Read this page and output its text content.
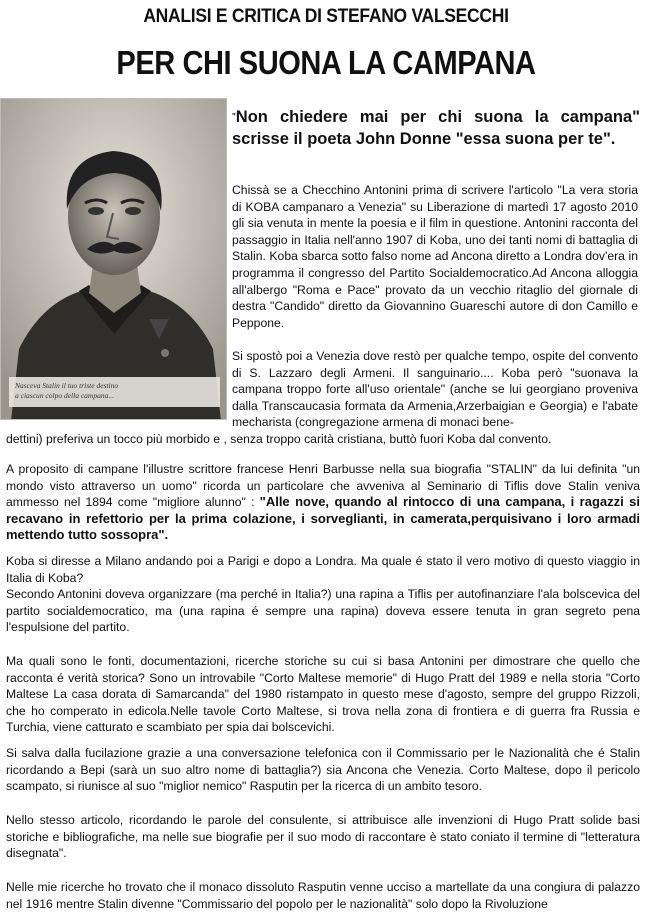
ANALISI E CRITICA DI STEFANO VALSECCHI
PER CHI SUONA LA CAMPANA
Nasceva Stalin il tuo triste destino
a ciascun colpo della campana...
"Non chiedere mai per chi suona la campana" scrisse il poeta John Donne "essa suona per te".
Chissà se a Checchino Antonini prima di scrivere l'articolo "La vera storia di KOBA campanaro a Venezia" su Liberazione di martedì 17 agosto 2010 gli sia venuta in mente la poesia e il film in questione. Antonini racconta del passaggio in Italia nell'anno 1907 di Koba, uno dei tanti nomi di battaglia di Stalin. Koba sbarca sotto falso nome ad Ancona diretto a Londra dov'era in programma il congresso del Partito Socialdemocratico.Ad Ancona alloggia all'albergo "Roma e Pace" provato da un vecchio ritaglio del giornale di destra "Candido" diretto da Giovannino Guareschi autore di don Camillo e Peppone.
Si spostò poi a Venezia dove restò per qualche tempo, ospite del convento di S. Lazzaro degli Armeni. Il sanguinario.... Koba però "suonava la campana troppo forte all'uso orientale" (anche se lui georgiano proveniva dalla Transcaucasia formata da Armenia,Arzerbaigian e Georgia) e l'abate mecharista (congregazione armena di monaci bene-
dettini) preferiva un tocco più morbido e , senza troppo carità cristiana, buttò fuori Koba dal convento.
A proposito di campane l'illustre scrittore francese Henri Barbusse nella sua biografia "STALIN" da lui definita "un mondo visto attraverso un uomo" ricorda un particolare che avveniva al Seminario di Tiflis dove Stalin veniva ammesso nel 1894 come "migliore alunno" : "Alle nove, quando al rintocco di una campana, i ragazzi si recavano in refettorio per la prima colazione, i sorveglianti, in camerata,perquisivano i loro armadi mettendo tutto sossopra".
Koba si diresse a Milano andando poi a Parigi e dopo a Londra. Ma quale é stato il vero motivo di questo viaggio in Italia di Koba?
Secondo Antonini doveva organizzare (ma perché in Italia?) una rapina a Tiflis per autofinanziare l'ala bolscevica del partito socialdemocratico, ma (una rapina é sempre una rapina) doveva essere tenuta in gran segreto pena l'espulsione del partito.
Ma quali sono le fonti, documentazioni, ricerche storiche su cui si basa Antonini per dimostrare che quello che racconta é verità storica? Sono un introvabile "Corto Maltese memorie" di Hugo Pratt del 1989 e nella storia "Corto Maltese La casa dorata di Samarcanda" del 1980 ristampato in questo mese d'agosto, sempre del gruppo Rizzoli, che ho comperato in edicola.Nelle tavole Corto Maltese, si trova nella zona di frontiera e di guerra fra Russia e Turchia, viene catturato e scambiato per spia dai bolscevichi.
Si salva dalla fucilazione grazie a una conversazione telefonica con il Commissario per le Nazionalità che é Stalin ricordando a Bepi (sarà un suo altro nome di battaglia?) sia Ancona che Venezia. Corto Maltese, dopo il pericolo scampato, si riunisce al suo "miglior nemico" Rasputin per la ricerca di un ambito tesoro.
Nello stesso articolo, ricordando le parole del consulente, si attribuisce alle invenzioni di Hugo Pratt solide basi storiche e bibliografiche, ma nelle sue biografie per il suo modo di raccontare è stato coniato il termine di "letteratura disegnata".
Nelle mie ricerche ho trovato che il monaco dissoluto Rasputin venne ucciso a martellate da una congiura di palazzo nel 1916 mentre Stalin divenne "Commissario del popolo per le nazionalità" solo dopo la Rivoluzione
